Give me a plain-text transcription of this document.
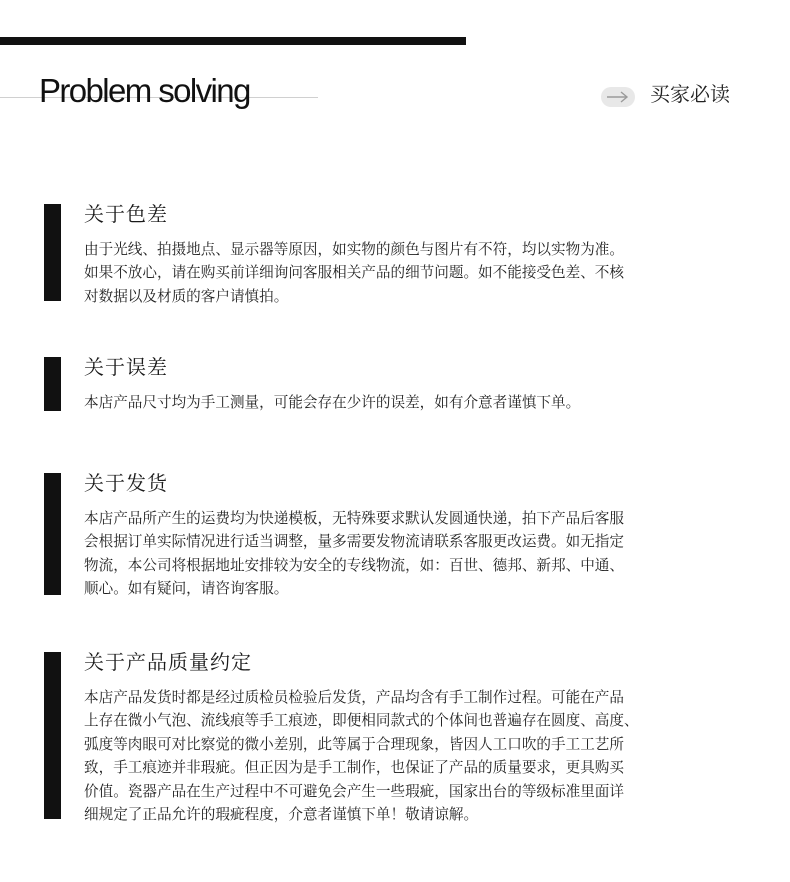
Problem solving	买家必读
关于色差
由于光线、拍摄地点、显示器等原因，如实物的颜色与图片有不符，均以实物为准。
如果不放心，请在购买前详细询问客服相关产品的细节问题。如不能接受色差、不核
对数据以及材质的客户请慎拍。
关于误差
本店产品尺寸均为手工测量，可能会存在少许的误差，如有介意者谨慎下单。
关于发货
本店产品所产生的运费均为快递模板，无特殊要求默认发圆通快递，拍下产品后客服
会根据订单实际情况进行适当调整，量多需要发物流请联系客服更改运费。如无指定
物流，本公司将根据地址安排较为安全的专线物流，如：百世、德邦、新邦、中通、
顺心。如有疑问，请咨询客服。
关于产品质量约定
本店产品发货时都是经过质检员检验后发货，产品均含有手工制作过程。可能在产品
上存在微小气泡、流线痕等手工痕迹，即便相同款式的个体间也普遍存在圆度、高度、
弧度等肉眼可对比察觉的微小差别，此等属于合理现象，皆因人工口吹的手工工艺所
致，手工痕迹并非瑕疵。但正因为是手工制作，也保证了产品的质量要求，更具购买
价值。瓷器产品在生产过程中不可避免会产生一些瑕疵，国家出台的等级标准里面详
细规定了正品允许的瑕疵程度，介意者谨慎下单！敬请谅解。
